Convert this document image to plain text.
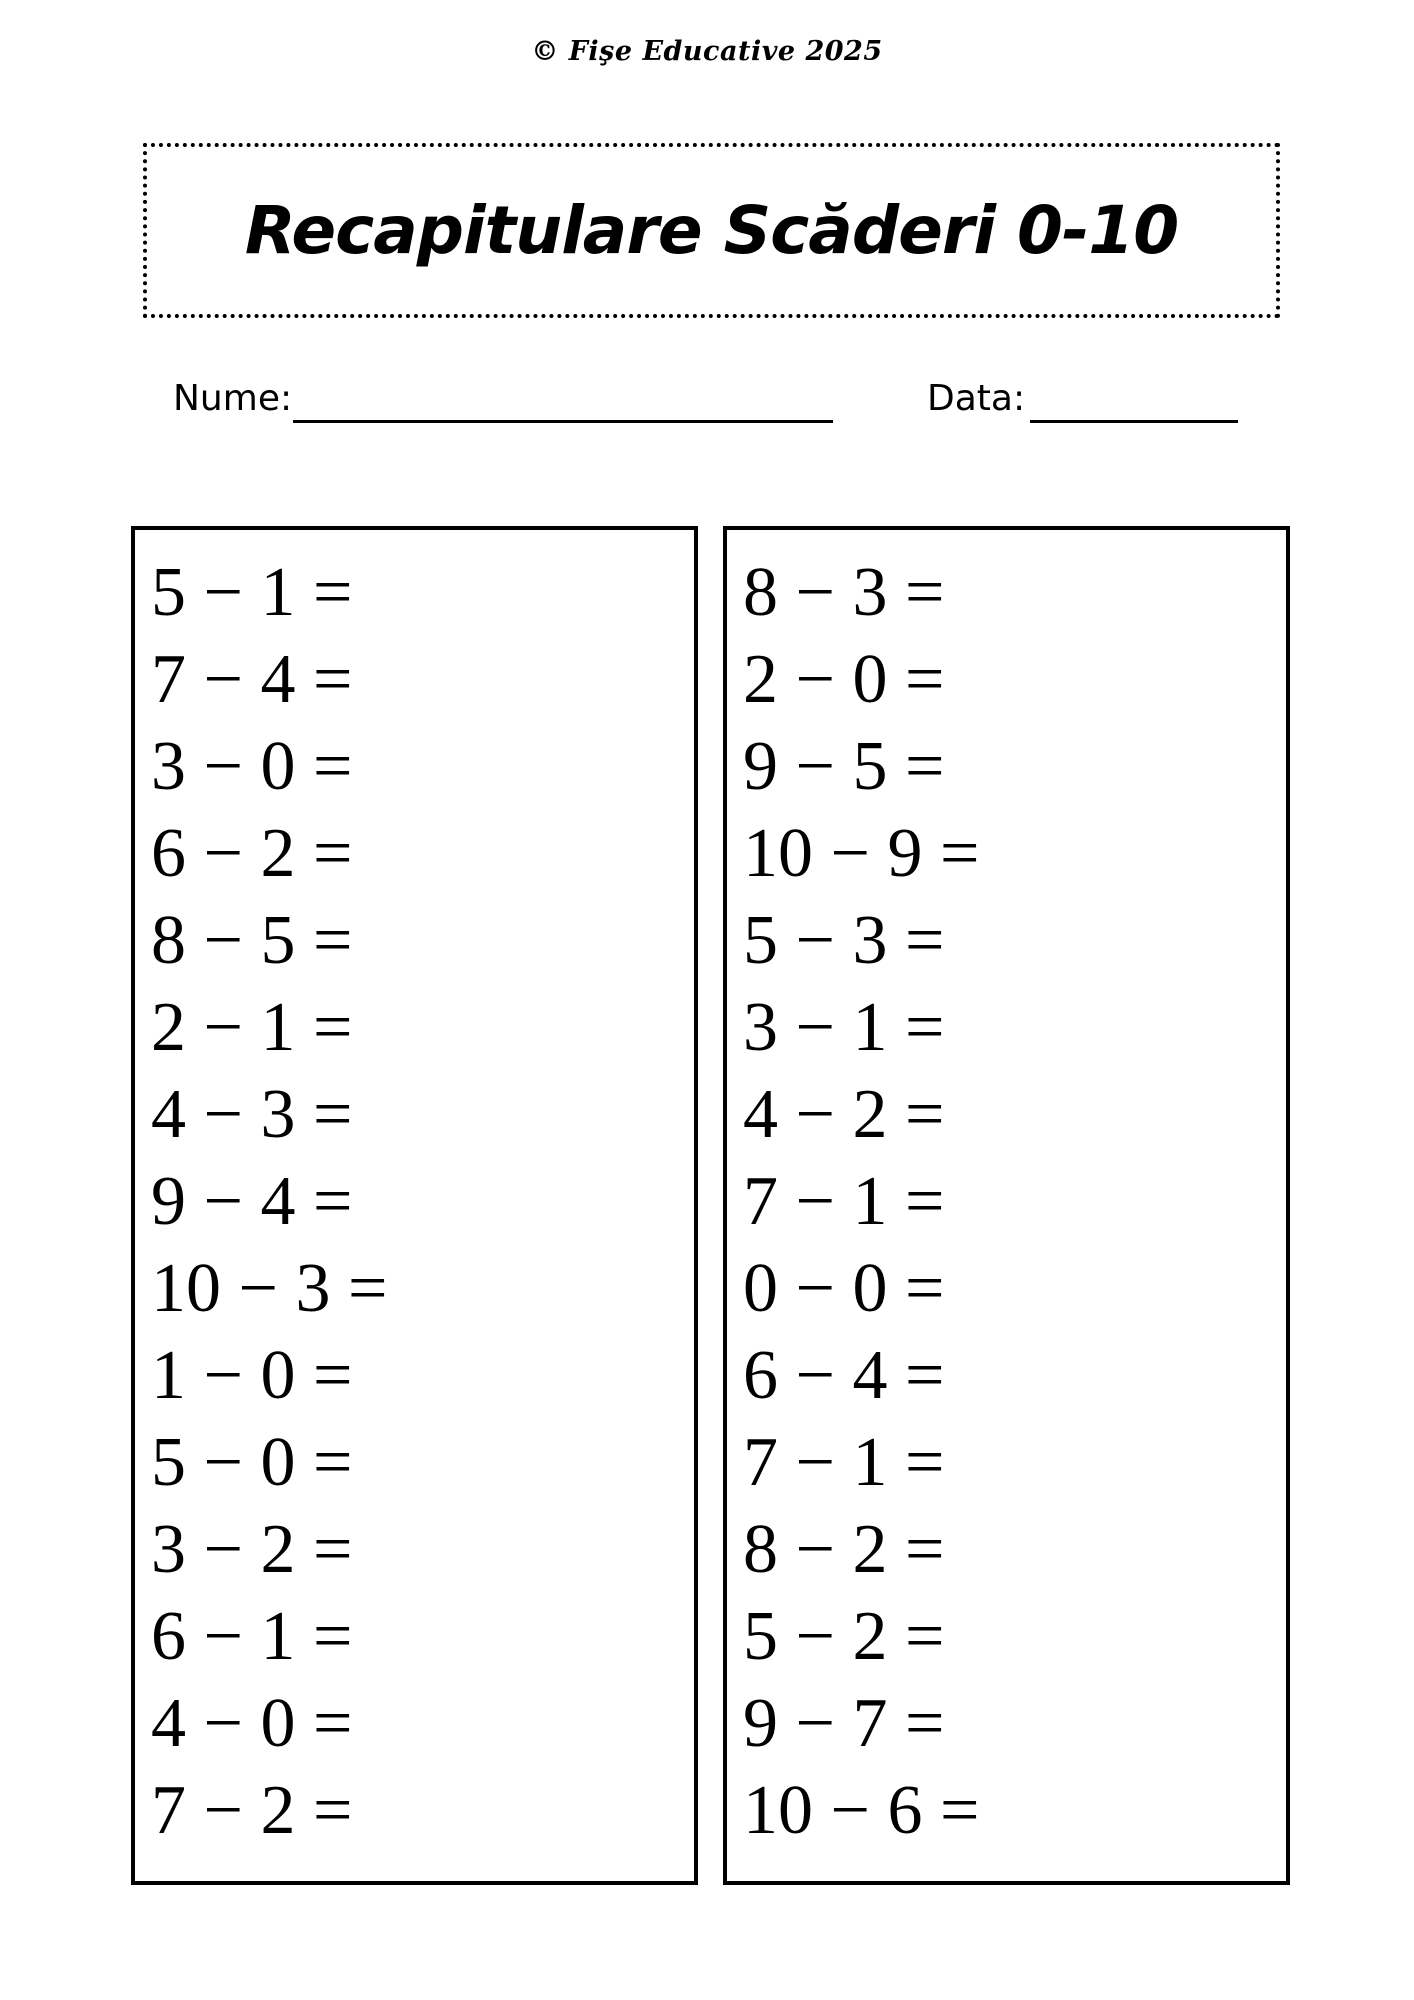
© Fişe Educative 2025
Recapitulare Scăderi 0-10
Nume:	Data:
5 − 1 =
7 − 4 =
3 − 0 =
6 − 2 =
8 − 5 =
2 − 1 =
4 − 3 =
9 − 4 =
10 − 3 =
1 − 0 =
5 − 0 =
3 − 2 =
6 − 1 =
4 − 0 =
7 − 2 =
8 − 3 =
2 − 0 =
9 − 5 =
10 − 9 =
5 − 3 =
3 − 1 =
4 − 2 =
7 − 1 =
0 − 0 =
6 − 4 =
7 − 1 =
8 − 2 =
5 − 2 =
9 − 7 =
10 − 6 =
